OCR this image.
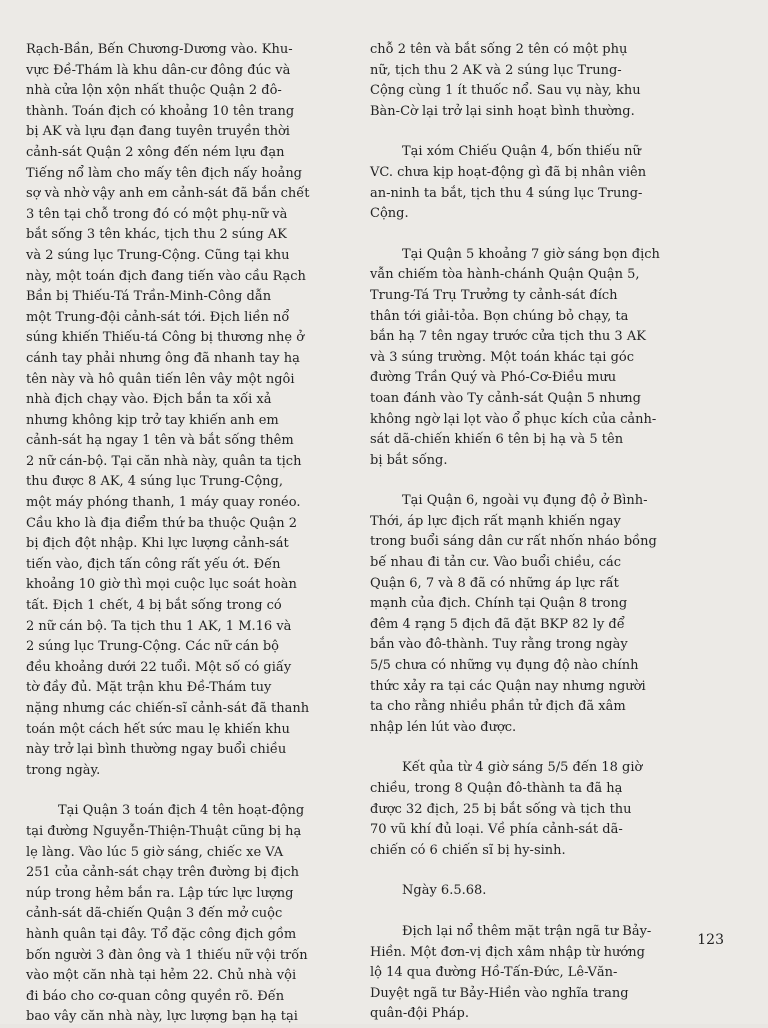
Rạch-Bần, Bến Chương-Dương vào. Khu-
vực Đề-Thám là khu dân-cư đông đúc và
nhà cửa lộn xộn nhất thuộc Quận 2 đô-
thành. Toán địch có khoảng 10 tên trang
bị AK và lựu đạn đang tuyên truyền thời
cảnh-sát Quận 2 xông đến ném lựu đạn
Tiếng nổ làm cho mấy tên địch nấy hoảng
sợ và nhờ vậy anh em cảnh-sát đã bắn chết
3 tên tại chỗ trong đó có một phụ-nữ và
bắt sống 3 tên khác, tịch thu 2 súng AK
và 2 súng lục Trung-Cộng. Cũng tại khu
này, một toán địch đang tiến vào cầu Rạch
Bần bị Thiếu-Tá Trần-Minh-Công dẫn
một Trung-đội cảnh-sát tới. Địch liền nổ
súng khiến Thiếu-tá Công bị thương nhẹ ở
cánh tay phải nhưng ông đã nhanh tay hạ
tên này và hô quân tiến lên vây một ngôi
nhà địch chạy vào. Địch bắn ta xối xả
nhưng không kịp trở tay khiến anh em
cảnh-sát hạ ngay 1 tên và bắt sống thêm
2 nữ cán-bộ. Tại căn nhà này, quân ta tịch
thu được 8 AK, 4 súng lục Trung-Cộng,
một máy phóng thanh, 1 máy quay ronéo.
Cầu kho là địa điểm thứ ba thuộc Quận 2
bị địch đột nhập. Khi lực lượng cảnh-sát
tiến vào, địch tấn công rất yếu ớt. Đến
khoảng 10 giờ thì mọi cuộc lục soát hoàn
tất. Địch 1 chết, 4 bị bắt sống trong có
2 nữ cán bộ. Ta tịch thu 1 AK, 1 M.16 và
2 súng lục Trung-Cộng. Các nữ cán bộ
đều khoảng dưới 22 tuổi. Một số có giấy
tờ đầy đủ. Mặt trận khu Đề-Thám tuy
nặng nhưng các chiến-sĩ cảnh-sát đã thanh
toán một cách hết sức mau lẹ khiến khu
này trở lại bình thường ngay buổi chiều
trong ngày.

Tại Quận 3 toán địch 4 tên hoạt-động
tại đường Nguyễn-Thiện-Thuật cũng bị hạ
lẹ làng. Vào lúc 5 giờ sáng, chiếc xe VA
251 của cảnh-sát chạy trên đường bị địch
núp trong hẻm bắn ra. Lập tức lực lượng
cảnh-sát dã-chiến Quận 3 đến mở cuộc
hành quân tại đây. Tổ đặc công địch gồm
bốn người 3 đàn ông và 1 thiếu nữ vội trốn
vào một căn nhà tại hẻm 22. Chủ nhà vội
đi báo cho cơ-quan công quyền rõ. Đến
bao vây căn nhà này, lực lượng bạn hạ tại

chỗ 2 tên và bắt sống 2 tên có một phụ
nữ, tịch thu 2 AK và 2 súng lục Trung-
Cộng cùng 1 ít thuốc nổ. Sau vụ này, khu
Bàn-Cờ lại trở lại sinh hoạt bình thường.

Tại xóm Chiếu Quận 4, bốn thiếu nữ
VC. chưa kịp hoạt-động gì đã bị nhân viên
an-ninh ta bắt, tịch thu 4 súng lục Trung-
Cộng.

Tại Quận 5 khoảng 7 giờ sáng bọn địch
vẫn chiếm tòa hành-chánh Quận Quận 5,
Trung-Tá Trụ Trưởng ty cảnh-sát đích
thân tới giải-tỏa. Bọn chúng bỏ chạy, ta
bắn hạ 7 tên ngay trước cửa tịch thu 3 AK
và 3 súng trường. Một toán khác tại góc
đường Trần Quý và Phó-Cơ-Điều mưu
toan đánh vào Ty cảnh-sát Quận 5 nhưng
không ngờ lại lọt vào ổ phục kích của cảnh-
sát dã-chiến khiến 6 tên bị hạ và 5 tên
bị bắt sống.

Tại Quận 6, ngoài vụ đụng độ ở Bình-
Thới, áp lực địch rất mạnh khiến ngay
trong buổi sáng dân cư rất nhốn nháo bồng
bế nhau đi tản cư. Vào buổi chiều, các
Quận 6, 7 và 8 đã có những áp lực rất
mạnh của địch. Chính tại Quận 8 trong
đêm 4 rạng 5 địch đã đặt BKP 82 ly để
bắn vào đô-thành. Tuy rằng trong ngày
5/5 chưa có những vụ đụng độ nào chính
thức xảy ra tại các Quận nay nhưng người
ta cho rằng nhiều phần tử địch đã xâm
nhập lén lút vào được.

Kết qủa từ 4 giờ sáng 5/5 đến 18 giờ
chiều, trong 8 Quận đô-thành ta đã hạ
được 32 địch, 25 bị bắt sống và tịch thu
70 vũ khí đủ loại. Về phía cảnh-sát dã-
chiến có 6 chiến sĩ bị hy-sinh.

Ngày 6.5.68.

Địch lại nổ thêm mặt trận ngã tư Bảy-
Hiền. Một đơn-vị địch xâm nhập từ hướng
lộ 14 qua đường Hồ-Tấn-Đức, Lê-Văn-
Duyệt ngã tư Bảy-Hiền vào nghĩa trang
quân-đội Pháp.

123
